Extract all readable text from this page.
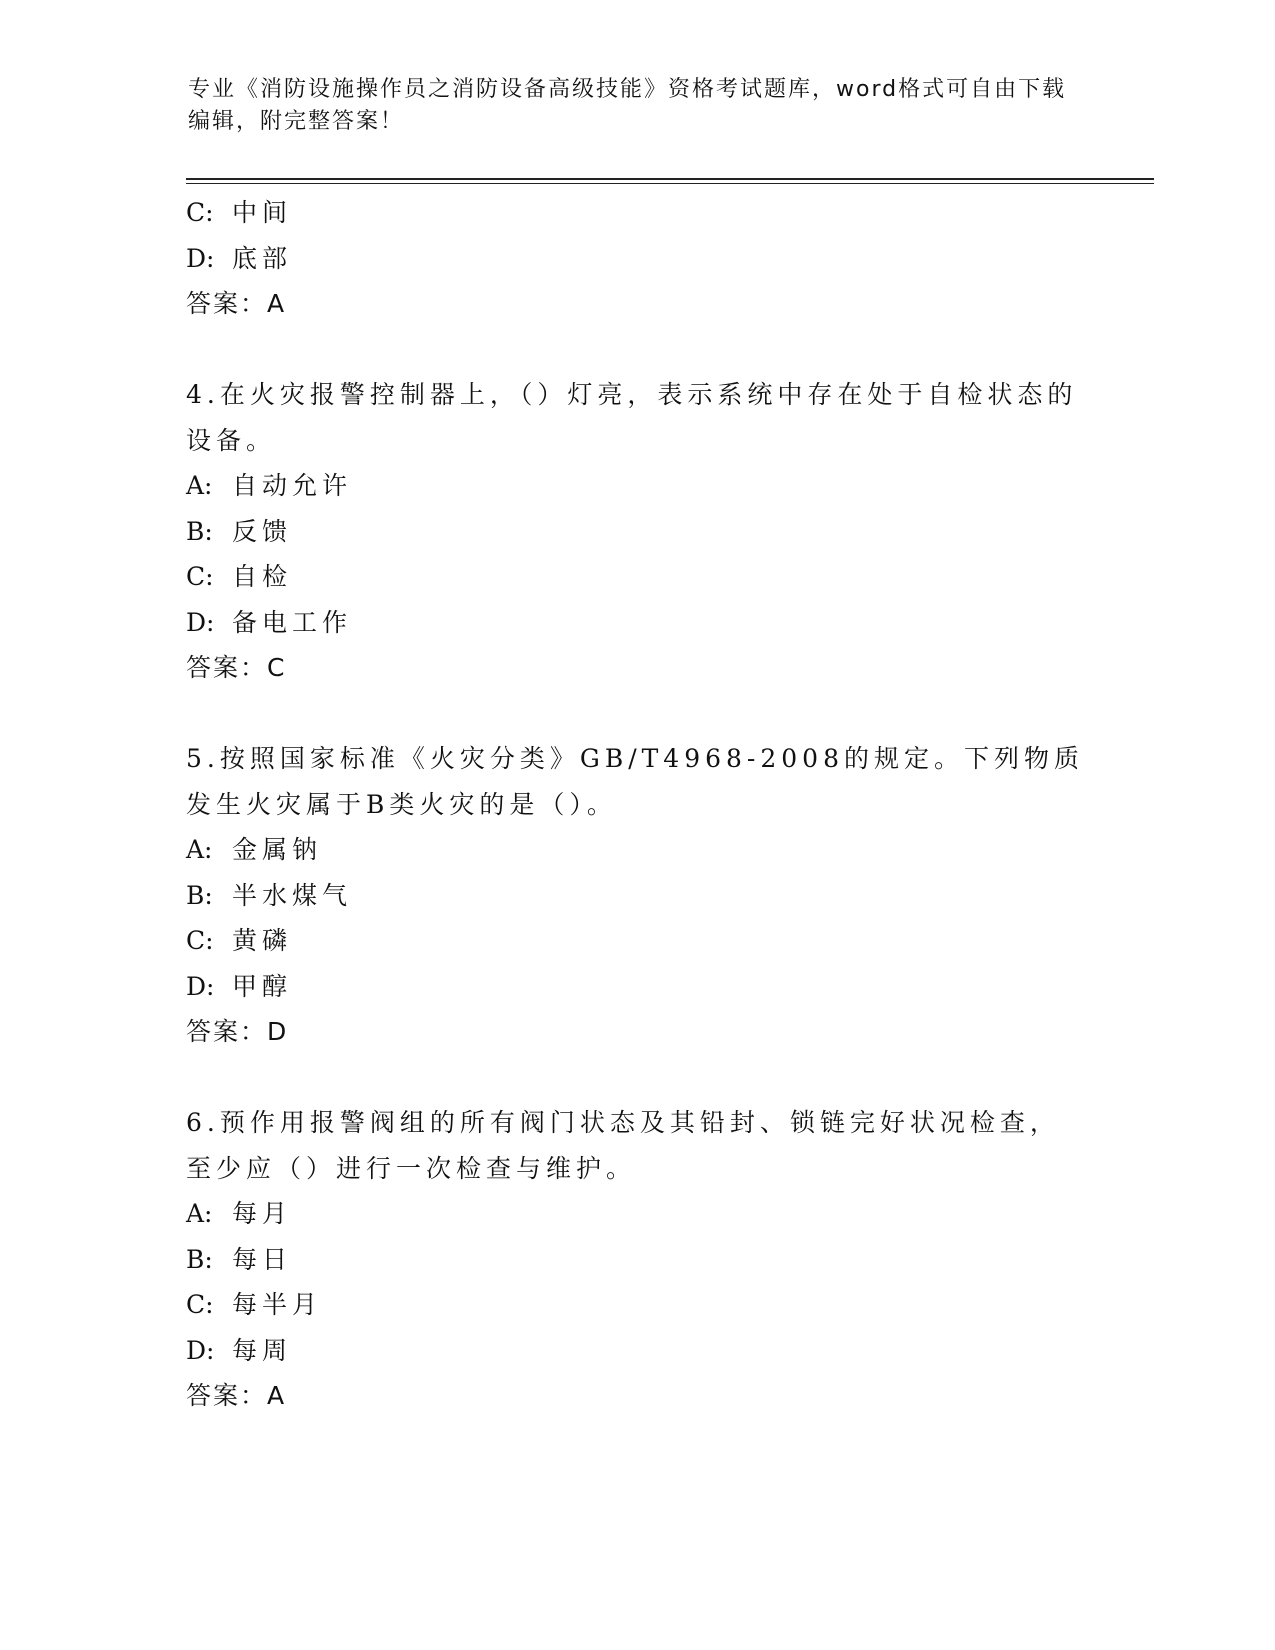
专业《消防设施操作员之消防设备高级技能》资格考试题库，word格式可自由下载编辑，附完整答案！
C: 中间
D: 底部
答案：A
4.在火灾报警控制器上，（）灯亮，表示系统中存在处于自检状态的设备。
A: 自动允许
B: 反馈
C: 自检
D: 备电工作
答案：C
5.按照国家标准《火灾分类》GB/T4968-2008的规定。下列物质发生火灾属于B类火灾的是（）。
A: 金属钠
B: 半水煤气
C: 黄磷
D: 甲醇
答案：D
6.预作用报警阀组的所有阀门状态及其铅封、锁链完好状况检查，至少应（）进行一次检查与维护。
A: 每月
B: 每日
C: 每半月
D: 每周
答案：A
